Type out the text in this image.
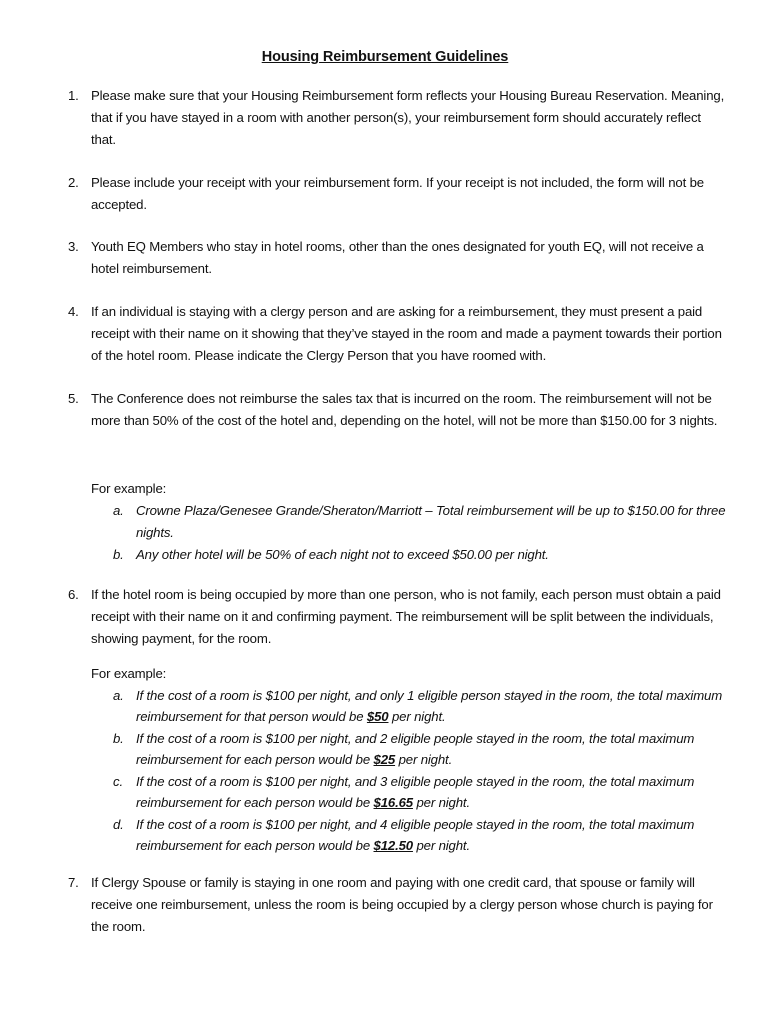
Housing Reimbursement Guidelines
1. Please make sure that your Housing Reimbursement form reflects your Housing Bureau Reservation. Meaning, that if you have stayed in a room with another person(s), your reimbursement form should accurately reflect that.
2. Please include your receipt with your reimbursement form. If your receipt is not included, the form will not be accepted.
3. Youth EQ Members who stay in hotel rooms, other than the ones designated for youth EQ, will not receive a hotel reimbursement.
4. If an individual is staying with a clergy person and are asking for a reimbursement, they must present a paid receipt with their name on it showing that they’ve stayed in the room and made a payment towards their portion of the hotel room. Please indicate the Clergy Person that you have roomed with.
5. The Conference does not reimburse the sales tax that is incurred on the room. The reimbursement will not be more than 50% of the cost of the hotel and, depending on the hotel, will not be more than $150.00 for 3 nights.
For example:
a. Crowne Plaza/Genesee Grande/Sheraton/Marriott – Total reimbursement will be up to $150.00 for three nights.
b. Any other hotel will be 50% of each night not to exceed $50.00 per night.
6. If the hotel room is being occupied by more than one person, who is not family, each person must obtain a paid receipt with their name on it and confirming payment. The reimbursement will be split between the individuals, showing payment, for the room.
For example:
a. If the cost of a room is $100 per night, and only 1 eligible person stayed in the room, the total maximum reimbursement for that person would be $50 per night.
b. If the cost of a room is $100 per night, and 2 eligible people stayed in the room, the total maximum reimbursement for each person would be $25 per night.
c. If the cost of a room is $100 per night, and 3 eligible people stayed in the room, the total maximum reimbursement for each person would be $16.65 per night.
d. If the cost of a room is $100 per night, and 4 eligible people stayed in the room, the total maximum reimbursement for each person would be $12.50 per night.
7. If Clergy Spouse or family is staying in one room and paying with one credit card, that spouse or family will receive one reimbursement, unless the room is being occupied by a clergy person whose church is paying for the room.
